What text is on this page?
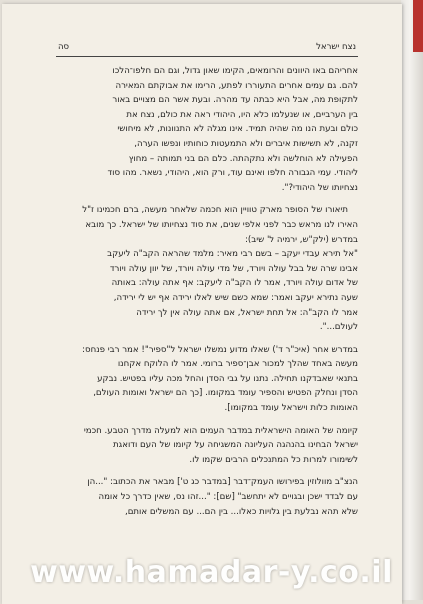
נצח ישראל
סה
אחריהם באו היוונים והרומאים, הקימו שאון גדול, וגם הם חלפו־הלכו
להם. גם עמים אחרים התעוררו לפתע, הרימו את אבוקתם המאירה
לתקופת מה, אבל היא כבתה עד מהרה. ובעת אשר הם מצויים באור
בין הערביים, או שנעלמו כלא היו, היהודי ראה את כולם, נצח את
כולם ובעת הנו מה שהיה תמיד. אינו מגלה לא התנוונות, לא מיחושי
זקנה, לא תשישות איברים ולא התמעטות כוחותיו ונפשו הערה,
הפעילה לא הוחלשה ולא נתקהתה. כלם הם בני תמותה – מחוץ
ליהודי. עמי הגבורה חלפו ואינם עוד, ורק הוא, היהודי, נשאר. מהו סוד
נצחיותו של היהודי?".
תיאורו של הסופר מארק טוויין הוא חכמה שלאחר מעשה, ברם חכמינו ז"ל
האירו לנו מראש כבר לפני אלפי שנים, את סוד נצחיותו של ישראל. כך מובא
במדרש (ילק"ש, ירמיה ל' שיב):
"אל תירא עבדי יעקב – בשם רבי מאיר: מלמד שהראה הקב"ה ליעקב
אבינו שרה של בבל עולה ויורד, של מדי עולה ויורד, של יוון עולה ויורד
של אדום עולה ויורד, אמר לו הקב"ה ליעקב: אף אתה עולה: באותה
שעה נתירא יעקב ואמר: שמא כשם שיש לאלו ירידה אף יש לי ירידה,
אמר לו הקב"ה: אל תחת ישראל, אם אתה עולה אין לך ירידה
לעולם...".
במדרש אחר (איכ"ר ד') שאלו מדוע נמשלו ישראל ל"ספיר"! אמר רבי פנחס:
מעשה באחד שהלך למכור אבן־ספיר ברומי. אמר לו הלוקח אקחנו
בתנאי שאבדקנו תחילה. נתנו על גבי הסדן והחל מכה עליו בפטיש. נבקע
הסדן ונחלק הפטיש והספיר עומד במקומו. [כך הם ישראל ואומות העולם,
האומות כלות וישראל עומד במקומו].
קיומה של האומה הישראלית במדבר העמים הוא למעלה מדרך הטבע. חכמי
ישראל הבחינו בהנהגה העליונה המשגיחה על קיומו של העם ודואגת
לשימורו למרות כל המתנכלים הרבים שקמו לו.
הנצ"ב מוולוזין בפירושו העמק־דבר [במדבר כג ט'] מבאר את הכתוב: "...הן
עם לבדד ישכן ובגויים לא יתחשב" [שם]: "...זהו נס, שאין כדרך כל אומה
שלא תהא נבלעת בין גלויות כאלו... בין הם... עם המשלים אותם,
www.hamadar-y.co.il
